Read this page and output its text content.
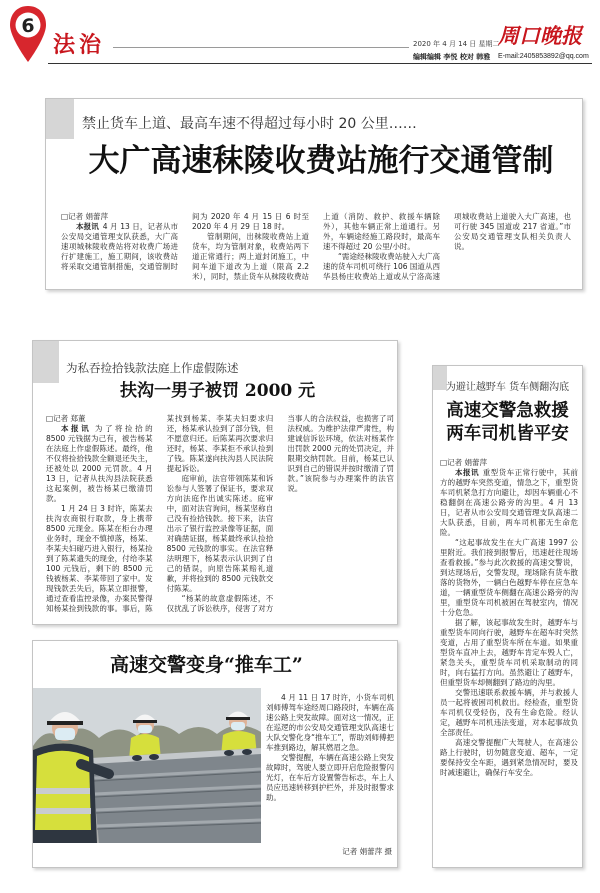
6
法治	2020 年 4 月 14 日 星期二
周口晚报
编辑编辑 李悦 校对 韩雅 E-mail:2405853892@qq.com
禁止货车上道、最高车速不得超过每小时 20 公里……
大广高速秣陵收费站施行交通管制

□记者 娟蕾萍

本报讯 4 月 13 日，记者从市公安局交通管理支队获悉，大广高速项城秣陵收费站将对收费广场进行扩建施工，施工期间，该收费站将采取交通管制措施，交通管制时间为 2020 年 4 月 15 日 6 时至 2020 年 4 月 29 日 18 时。

管制期间，出秣陵收费站上道货车，均为管制对象，收费站两下道正常通行；两上道封闭施工，中间车道下道改为上道（限高 2.2 米），同时，禁止货车从秣陵收费站上道（消防、救护、救援车辆除外），其他车辆正常上道通行。另外，车辆途经施工路段时，最高车速不得超过 20 公里/小时。

“需途经秣陵收费站驶入大广高速的货车司机可绕行 106 国道从西华县杨庄收费站上道或从宁洛高速项城收费站上道驶入大广高速，也可行驶 345 国道或 217 省道。”市公安局交通管理支队相关负责人说。

为私吞捡拾钱款法庭上作虚假陈述
扶沟一男子被罚 2000 元

□记者 郑董

本报讯 为了将捡拾的 8500 元钱据为己有，被告杨某在法庭上作虚假陈述。最终，他不仅将捡拾钱款全额退还失主，还被处以 2000 元罚款。4 月 13 日，记者从扶沟县法院获悉这起案例，被告杨某已缴清罚款。

1 月 24 日 3 时许，陈某去扶沟农商银行取款，身上携带 8500 元现金。陈某在柜台办理业务时，现金不慎掉落，杨某、李某夫妇碰巧进入银行，杨某捡到了陈某遗失的现金，付给李某 100 元钱后，剩下的 8500 元钱被杨某、李某带回了家中。发现钱款丢失后，陈某立即报警，通过查看监控录像，办案民警得知杨某捡到钱款的事。事后，陈某找到杨某、李某夫妇要求归还，杨某承认捡到了部分钱，但不愿意归还。后陈某再次要求归还时，杨某、李某拒不承认捡到了钱。陈某遂向扶沟县人民法院提起诉讼。

庭审前，法官带领陈某和诉讼参与人签署了保证书，要求双方向法庭作出诚实陈述。庭审中，面对法官询问，杨某坚称自己没有捡拾钱款。接下来，法官出示了银行监控录像等证据，面对确凿证据，杨某最终承认捡拾 8500 元钱款的事实。在法官释法明理下，杨某表示认识到了自己的错误，向原告陈某赔礼道歉，并将捡到的 8500 元钱款交付陈某。

“杨某的故意虚假陈述，不仅扰乱了诉讼秩序，侵害了对方当事人的合法权益，也损害了司法权威。为维护法律严肃性，构建诚信诉讼环境，依法对杨某作出罚款 2000 元的处罚决定，并限期交纳罚款。目前，杨某已认识到自己的错误并按时缴清了罚款。”该院参与办理案件的法官说。

为避让越野车 货车侧翻沟底
高速交警急救援
两车司机皆平安

□记者 娟蕾萍

本报讯 重型货车正常行驶中，其前方的越野车突然变道，情急之下，重型货车司机紧急打方向避让，却因车辆重心不稳翻倒在高速公路旁的沟里。4 月 13 日，记者从市公安局交通管理支队高速二大队获悉，目前，两车司机都无生命危险。

“这起事故发生在大广高速 1997 公里附近。我们接到报警后，迅速赶往现场查看救援。”参与此次救援的高速交警说，到达现场后，交警发现，现场除有货车散落的货物外，一辆白色越野车停在应急车道，一辆重型货车侧翻在高速公路旁的沟里，重型货车司机被困在驾驶室内，情况十分危急。

据了解，该起事故发生时，越野车与重型货车同向行驶，越野车在超车时突然变道，占用了重型货车所在车道。如果重型货车直冲上去，越野车肯定车毁人亡，紧急关头，重型货车司机采取制动的同时，向右猛打方向。虽然避让了越野车，但重型货车却侧翻到了路边的沟里。

交警迅速联系救援车辆，并与救援人员一起将被困司机救出。经检查，重型货车司机仅受轻伤，没有生命危险。经认定，越野车司机违法变道，对本起事故负全部责任。

高速交警提醒广大驾驶人，在高速公路上行驶时，切勿随意变道、超车，一定要保持安全车距，遇到紧急情况时，要及时减速避让，确保行车安全。

高速交警变身“推车工”

4 月 11 日 17 时许，小货车司机刘师傅驾车途经周口路段时，车辆在高速公路上突发故障。面对这一情况，正在巡逻的市公安局交通管理支队高速七大队交警化身“推车工”，帮助刘师傅把车推到路边，解其燃眉之急。

交警提醒，车辆在高速公路上突发故障时，驾驶人要立即开启危险报警闪光灯，在车后方设置警告标志，车上人员应迅速转移到护栏外，并及时报警求助。

记者 娟蕾萍 摄
